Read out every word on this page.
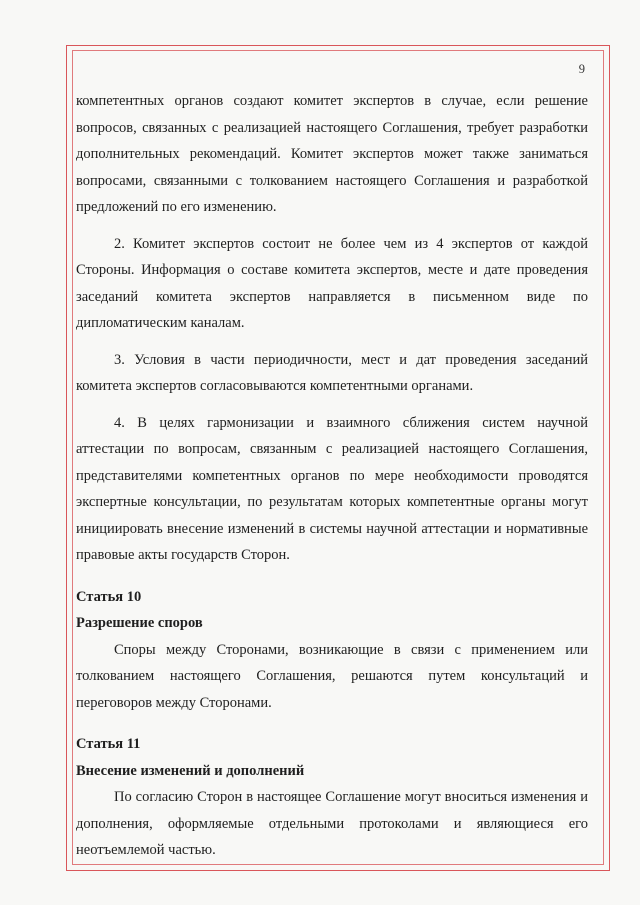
9

компетентных органов создают комитет экспертов в случае, если решение вопросов, связанных с реализацией настоящего Соглашения, требует разработки дополнительных рекомендаций. Комитет экспертов может также заниматься вопросами, связанными с толкованием настоящего Соглашения и разработкой предложений по его изменению.

2. Комитет экспертов состоит не более чем из 4 экспертов от каждой Стороны. Информация о составе комитета экспертов, месте и дате проведения заседаний комитета экспертов направляется в письменном виде по дипломатическим каналам.

3. Условия в части периодичности, мест и дат проведения заседаний комитета экспертов согласовываются компетентными органами.

4. В целях гармонизации и взаимного сближения систем научной аттестации по вопросам, связанным с реализацией настоящего Соглашения, представителями компетентных органов по мере необходимости проводятся экспертные консультации, по результатам которых компетентные органы могут инициировать внесение изменений в системы научной аттестации и нормативные правовые акты государств Сторон.

Статья 10

Разрешение споров

Споры между Сторонами, возникающие в связи с применением или толкованием настоящего Соглашения, решаются путем консультаций и переговоров между Сторонами.

Статья 11

Внесение изменений и дополнений

По согласию Сторон в настоящее Соглашение могут вноситься изменения и дополнения, оформляемые отдельными протоколами и являющиеся его неотъемлемой частью.
